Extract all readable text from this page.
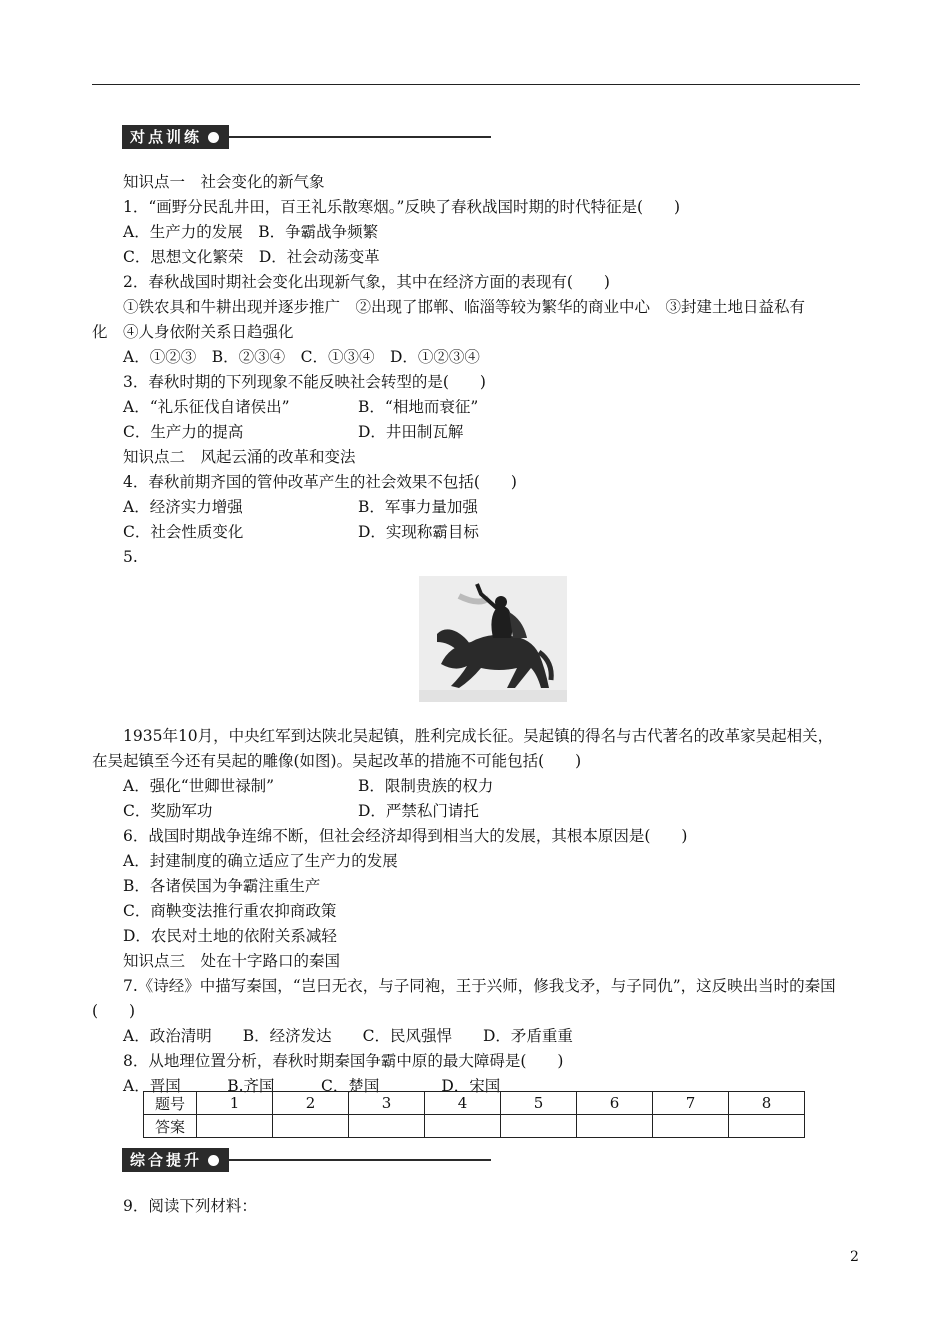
对点训练
知识点一　社会变化的新气象
1．“画野分民乱井田，百王礼乐散寒烟。”反映了春秋战国时期的时代特征是(　　)
A．生产力的发展　B．争霸战争频繁
C．思想文化繁荣　D．社会动荡变革
2．春秋战国时期社会变化出现新气象，其中在经济方面的表现有(　　)
①铁农具和牛耕出现并逐步推广　②出现了邯郸、临淄等较为繁华的商业中心　③封建土地日益私有
化　④人身依附关系日趋强化
A．①②③　B．②③④　C．①③④　D．①②③④
3．春秋时期的下列现象不能反映社会转型的是(　　)
A．“礼乐征伐自诸侯出”	B．“相地而衰征”
C．生产力的提高	D．井田制瓦解
知识点二　风起云涌的改革和变法
4．春秋前期齐国的管仲改革产生的社会效果不包括(　　)
A．经济实力增强	B．军事力量加强
C．社会性质变化	D．实现称霸目标
5.
1935年10月，中央红军到达陕北吴起镇，胜利完成长征。吴起镇的得名与古代著名的改革家吴起相关，
在吴起镇至今还有吴起的雕像(如图)。吴起改革的措施不可能包括(　　)
A．强化“世卿世禄制”	B．限制贵族的权力
C．奖励军功	D．严禁私门请托
6．战国时期战争连绵不断，但社会经济却得到相当大的发展，其根本原因是(　　)
A．封建制度的确立适应了生产力的发展
B．各诸侯国为争霸注重生产
C．商鞅变法推行重农抑商政策
D．农民对土地的依附关系减轻
知识点三　处在十字路口的秦国
7.《诗经》中描写秦国，“岂曰无衣，与子同袍，王于兴师，修我戈矛，与子同仇”，这反映出当时的秦国
(　　)
A．政治清明　　B．经济发达　　C．民风强悍　　D．矛盾重重
8．从地理位置分析，春秋时期秦国争霸中原的最大障碍是(　　)
A．晋国　　　B.齐国　　　C．楚国　　　　D．宋国
题号	1	2	3	4	5	6	7	8
答案								
综合提升
9．阅读下列材料：
2
